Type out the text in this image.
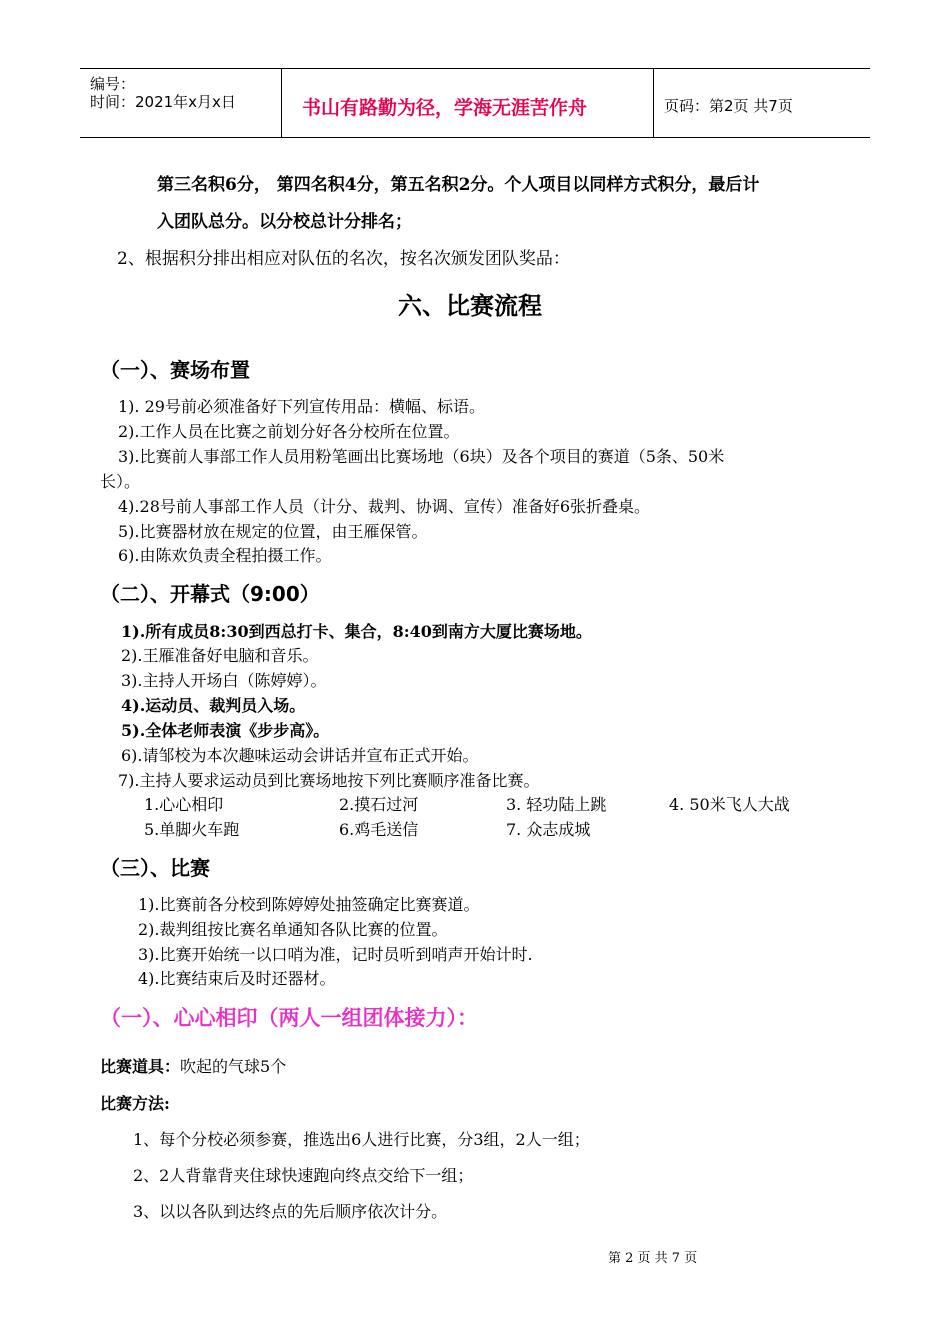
编号：
时间：2021年x月x日	书山有路勤为径，学海无涯苦作舟	页码：第2页 共7页
第三名积6分， 第四名积4分，第五名积2分。个人项目以同样方式积分，最后计
入团队总分。以分校总计分排名；
2、根据积分排出相应对队伍的名次，按名次颁发团队奖品：
六、比赛流程
（一）、赛场布置
1). 29号前必须准备好下列宣传用品：横幅、标语。
2).工作人员在比赛之前划分好各分校所在位置。
3).比赛前人事部工作人员用粉笔画出比赛场地（6块）及各个项目的赛道（5条、50米
长）。
4).28号前人事部工作人员（计分、裁判、协调、宣传）准备好6张折叠桌。
5).比赛器材放在规定的位置，由王雁保管。
6).由陈欢负责全程拍摄工作。
（二）、开幕式（9:00）
1).所有成员8:30到西总打卡、集合，8:40到南方大厦比赛场地。
2).王雁准备好电脑和音乐。
3).主持人开场白（陈婷婷）。
4).运动员、裁判员入场。
5).全体老师表演《步步高》。
6).请邹校为本次趣味运动会讲话并宣布正式开始。
7).主持人要求运动员到比赛场地按下列比赛顺序准备比赛。
1.心心相印	2.摸石过河	3. 轻功陆上跳	4. 50米飞人大战
5.单脚火车跑	6.鸡毛送信	7. 众志成城
（三）、比赛
1).比赛前各分校到陈婷婷处抽签确定比赛赛道。
2).裁判组按比赛名单通知各队比赛的位置。
3).比赛开始统一以口哨为准，记时员听到哨声开始计时.
4).比赛结束后及时还器材。
（一）、心心相印（两人一组团体接力）：
比赛道具：吹起的气球5个
比赛方法:
1、每个分校必须参赛，推选出6人进行比赛，分3组，2人一组；
2、2人背靠背夹住球快速跑向终点交给下一组；
3、以以各队到达终点的先后顺序依次计分。
第 2 页 共 7 页
